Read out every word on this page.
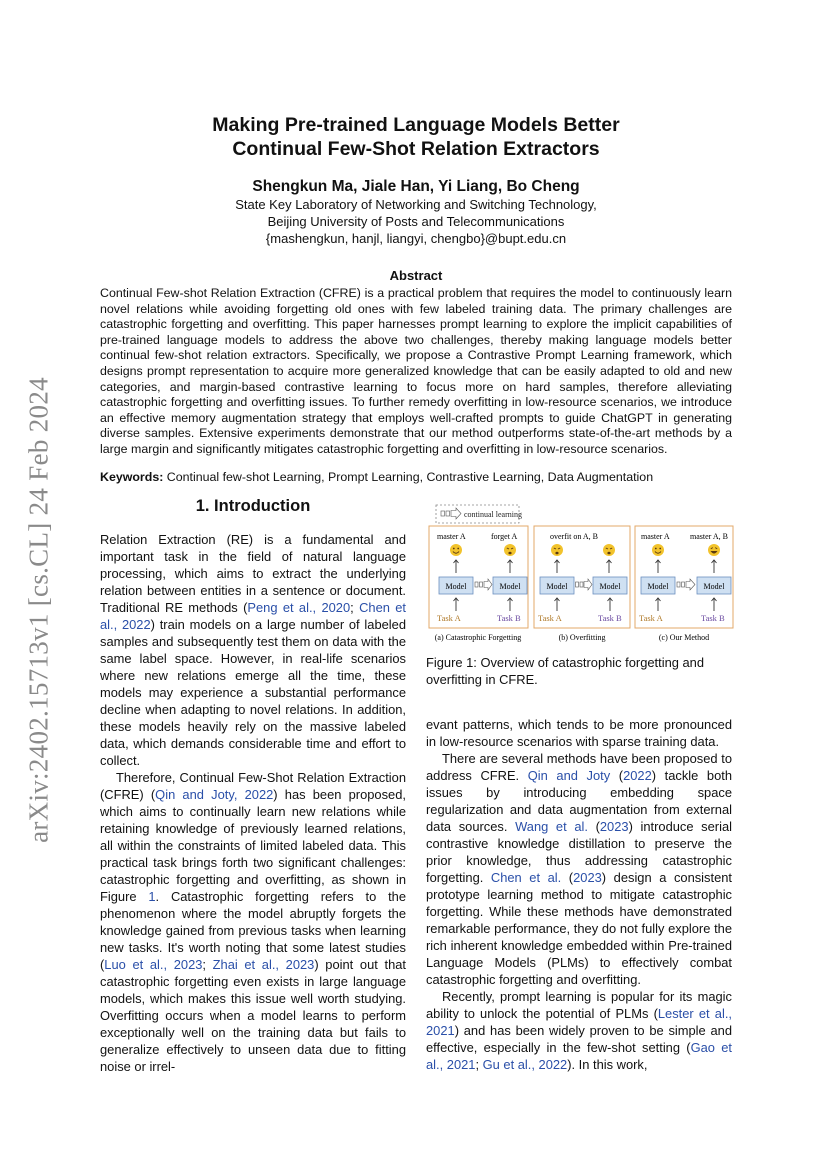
arXiv:2402.15713v1 [cs.CL] 24 Feb 2024
Making Pre-trained Language Models Better
Continual Few-Shot Relation Extractors
Shengkun Ma, Jiale Han, Yi Liang, Bo Cheng
State Key Laboratory of Networking and Switching Technology,
Beijing University of Posts and Telecommunications
{mashengkun, hanjl, liangyi, chengbo}@bupt.edu.cn
Abstract
Continual Few-shot Relation Extraction (CFRE) is a practical problem that requires the model to continuously learn novel relations while avoiding forgetting old ones with few labeled training data. The primary challenges are catastrophic forgetting and overfitting. This paper harnesses prompt learning to explore the implicit capabilities of pre-trained language models to address the above two challenges, thereby making language models better continual few-shot relation extractors. Specifically, we propose a Contrastive Prompt Learning framework, which designs prompt representation to acquire more generalized knowledge that can be easily adapted to old and new categories, and margin-based contrastive learning to focus more on hard samples, therefore alleviating catastrophic forgetting and overfitting issues. To further remedy overfitting in low-resource scenarios, we introduce an effective memory augmentation strategy that employs well-crafted prompts to guide ChatGPT in generating diverse samples. Extensive experiments demonstrate that our method outperforms state-of-the-art methods by a large margin and significantly mitigates catastrophic forgetting and overfitting in low-resource scenarios.
Keywords: Continual few-shot Learning, Prompt Learning, Contrastive Learning, Data Augmentation
1. Introduction

Relation Extraction (RE) is a fundamental and important task in the field of natural language processing, which aims to extract the underlying relation between entities in a sentence or document. Traditional RE methods (Peng et al., 2020; Chen et al., 2022) train models on a large number of labeled samples and subsequently test them on data with the same label space. However, in real-life scenarios where new relations emerge all the time, these models may experience a substantial performance decline when adapting to novel relations. In addition, these models heavily rely on the massive labeled data, which demands considerable time and effort to collect.

Therefore, Continual Few-Shot Relation Extraction (CFRE) (Qin and Joty, 2022) has been proposed, which aims to continually learn new relations while retaining knowledge of previously learned relations, all within the constraints of limited labeled data. This practical task brings forth two significant challenges: catastrophic forgetting and overfitting, as shown in Figure 1. Catastrophic forgetting refers to the phenomenon where the model abruptly forgets the knowledge gained from previous tasks when learning new tasks. It's worth noting that some latest studies (Luo et al., 2023; Zhai et al., 2023) point out that catastrophic forgetting even exists in large language models, which makes this issue well worth studying. Overfitting occurs when a model learns to perform exceptionally well on the training data but fails to generalize effectively to unseen data due to fitting noise or irrel-

continual learning
master A	forget A
Model	Model
Task A	Task B
(a) Catastrophic Forgetting
overfit on A, B
Model	Model
Task A	Task B
(b) Overfitting
master A	master A, B
Model	Model
Task A	Task B
(c) Our Method
Figure 1: Overview of catastrophic forgetting and overfitting in CFRE.

evant patterns, which tends to be more pronounced in low-resource scenarios with sparse training data.

There are several methods have been proposed to address CFRE. Qin and Joty (2022) tackle both issues by introducing embedding space regularization and data augmentation from external data sources. Wang et al. (2023) introduce serial contrastive knowledge distillation to preserve the prior knowledge, thus addressing catastrophic forgetting. Chen et al. (2023) design a consistent prototype learning method to mitigate catastrophic forgetting. While these methods have demonstrated remarkable performance, they do not fully explore the rich inherent knowledge embedded within Pre-trained Language Models (PLMs) to effectively combat catastrophic forgetting and overfitting.

Recently, prompt learning is popular for its magic ability to unlock the potential of PLMs (Lester et al., 2021) and has been widely proven to be simple and effective, especially in the few-shot setting (Gao et al., 2021; Gu et al., 2022). In this work,
